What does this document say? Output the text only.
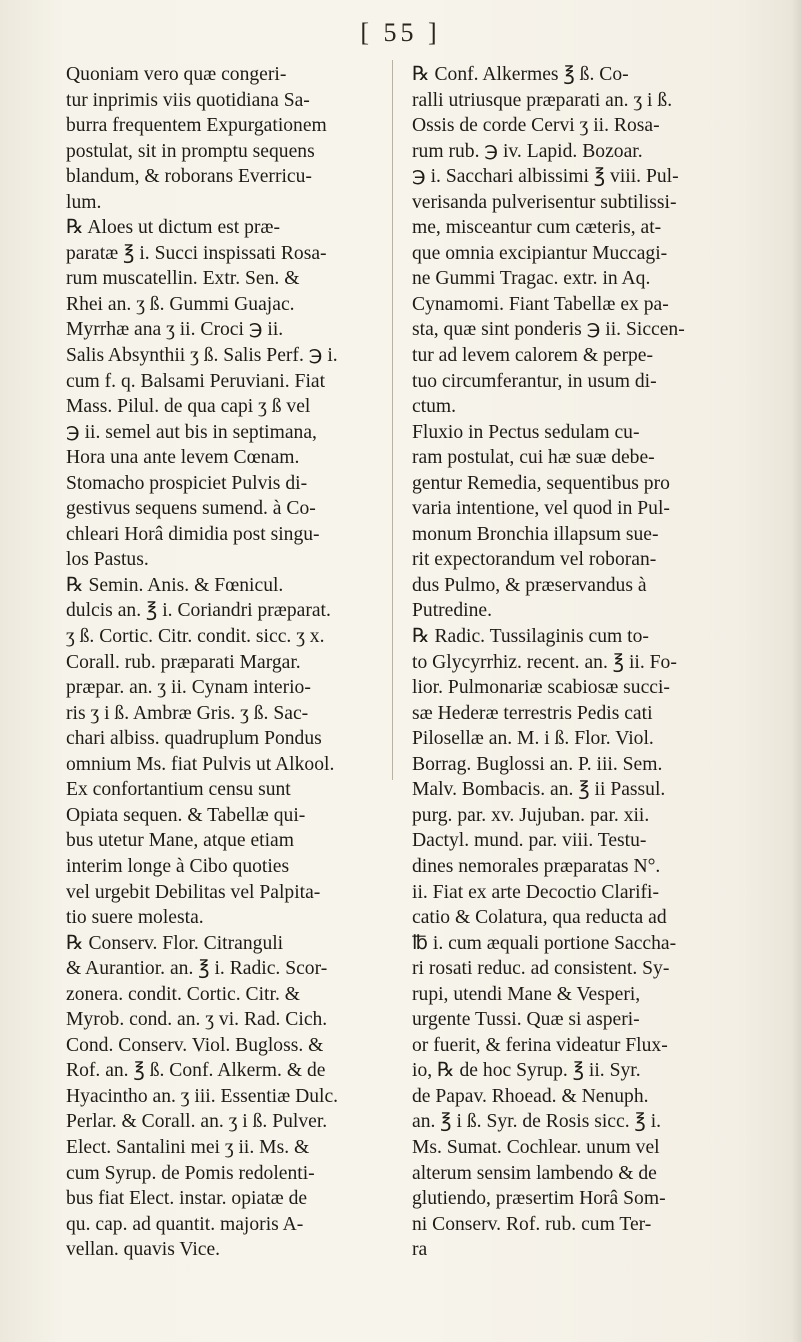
[ 55 ]
Quoniam vero quæ congeri-
tur inprimis viis quotidiana Sa-
burra frequentem Expurgationem
postulat, sit in promptu sequens
blandum, & roborans Everricu-
lum.
℞ Aloes ut dictum est præ-
paratæ ℥ i. Succi inspissati Rosa-
rum muscatellin. Extr. Sen. &
Rhei an. ʒ ß. Gummi Guajac.
Myrrhæ ana ʒ ii. Croci ℈ ii.
Salis Absynthii ʒ ß. Salis Perf. ℈ i.
cum f. q. Balsami Peruviani. Fiat
Mass. Pilul. de qua capi ʒ ß vel
℈ ii. semel aut bis in septimana,
Hora una ante levem Cœnam.
Stomacho prospiciet Pulvis di-
gestivus sequens sumend. à Co-
chleari Horâ dimidia post singu-
los Pastus.
℞ Semin. Anis. & Fœnicul.
dulcis an. ℥ i. Coriandri præparat.
ʒ ß. Cortic. Citr. condit. sicc. ʒ x.
Corall. rub. præparati Margar.
præpar. an. ʒ ii. Cynam interio-
ris ʒ i ß. Ambræ Gris. ʒ ß. Sac-
chari albiss. quadruplum Pondus
omnium Ms. fiat Pulvis ut Alkool.
Ex confortantium censu sunt
Opiata sequen. & Tabellæ qui-
bus utetur Mane, atque etiam
interim longe à Cibo quoties
vel urgebit Debilitas vel Palpita-
tio suere molesta.
℞ Conserv. Flor. Citranguli
& Aurantior. an. ℥ i. Radic. Scor-
zonera. condit. Cortic. Citr. &
Myrob. cond. an. ʒ vi. Rad. Cich.
Cond. Conserv. Viol. Bugloss. &
Rof. an. ℥ ß. Conf. Alkerm. & de
Hyacintho an. ʒ iii. Essentiæ Dulc.
Perlar. & Corall. an. ʒ i ß. Pulver.
Elect. Santalini mei ʒ ii. Ms. &
cum Syrup. de Pomis redolenti-
bus fiat Elect. instar. opiatæ de
qu. cap. ad quantit. majoris A-
vellan. quavis Vice.
℞ Conf. Alkermes ℥ ß. Co-
ralli utriusque præparati an. ʒ i ß.
Ossis de corde Cervi ʒ ii. Rosa-
rum rub. ℈ iv. Lapid. Bozoar.
℈ i. Sacchari albissimi ℥ viii. Pul-
verisanda pulverisentur subtilissi-
me, misceantur cum cæteris, at-
que omnia excipiantur Muccagi-
ne Gummi Tragac. extr. in Aq.
Cynamomi. Fiant Tabellæ ex pa-
sta, quæ sint ponderis ℈ ii. Siccen-
tur ad levem calorem & perpe-
tuo circumferantur, in usum di-
ctum.
Fluxio in Pectus sedulam cu-
ram postulat, cui hæ suæ debe-
gentur Remedia, sequentibus pro
varia intentione, vel quod in Pul-
monum Bronchia illapsum sue-
rit expectorandum vel roboran-
dus Pulmo, & præservandus à
Putredine.
℞ Radic. Tussilaginis cum to-
to Glycyrrhiz. recent. an. ℥ ii. Fo-
lior. Pulmonariæ scabiosæ succi-
sæ Hederæ terrestris Pedis cati
Pilosellæ an. M. i ß. Flor. Viol.
Borrag. Buglossi an. P. iii. Sem.
Malv. Bombacis. an. ℥ ii Passul.
purg. par. xv. Jujuban. par. xii.
Dactyl. mund. par. viii. Testu-
dines nemorales præparatas N°.
ii. Fiat ex arte Decoctio Clarifi-
catio & Colatura, qua reducta ad
℔ i. cum æquali portione Saccha-
ri rosati reduc. ad consistent. Sy-
rupi, utendi Mane & Vesperi,
urgente Tussi. Quæ si asperi-
or fuerit, & ferina videatur Flux-
io, ℞ de hoc Syrup. ℥ ii. Syr.
de Papav. Rhoead. & Nenuph.
an. ℥ i ß. Syr. de Rosis sicc. ℥ i.
Ms. Sumat. Cochlear. unum vel
alterum sensim lambendo & de
glutiendo, præsertim Horâ Som-
ni Conserv. Rof. rub. cum Ter-
ra
